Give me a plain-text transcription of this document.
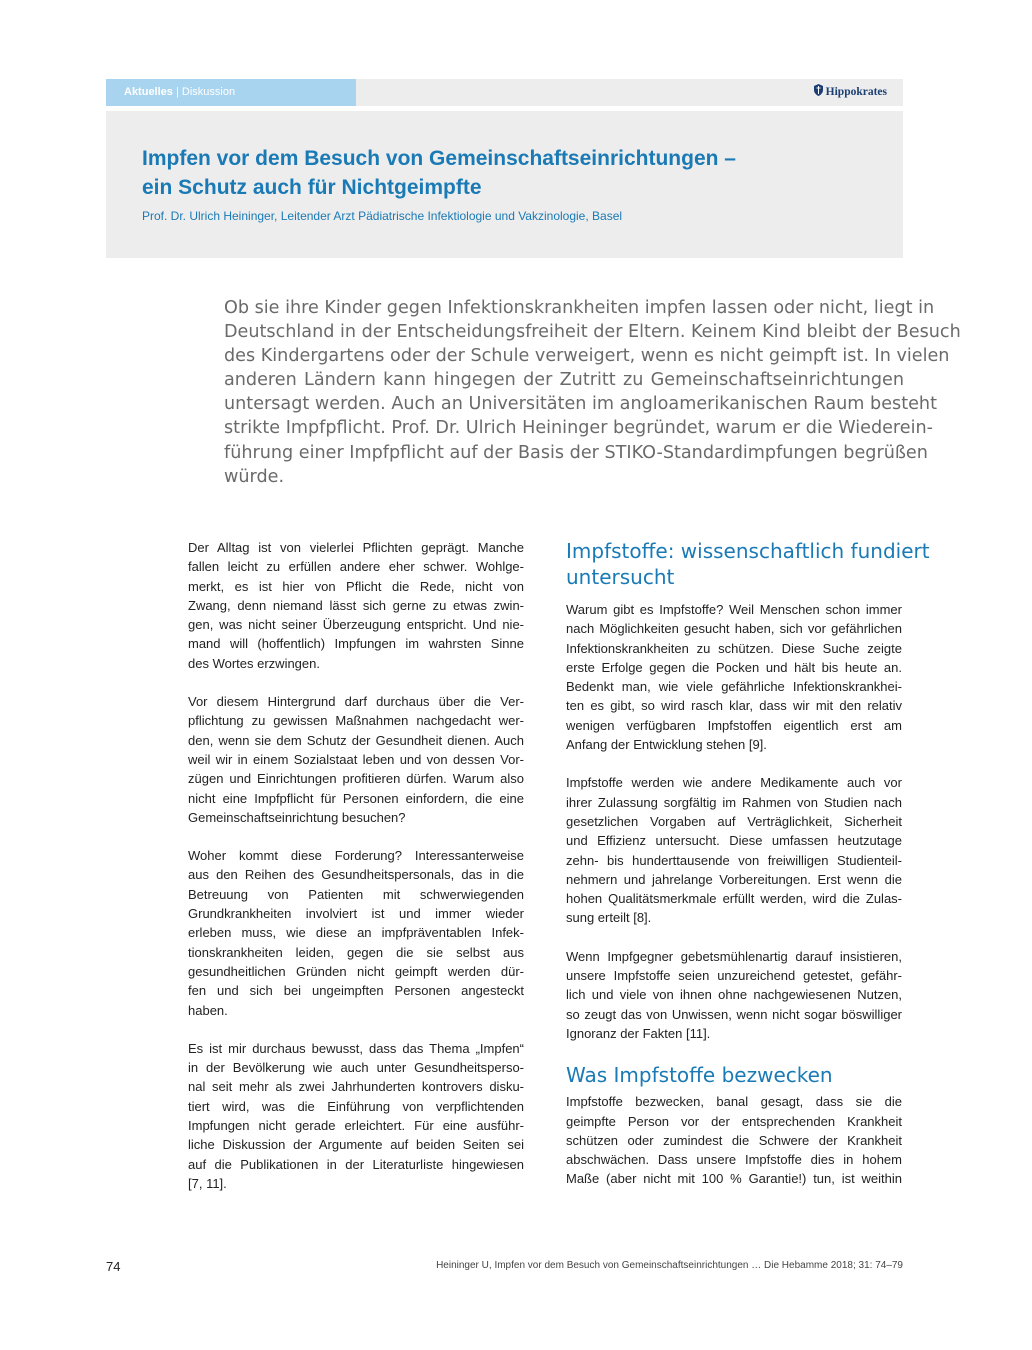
Aktuelles | Diskussion	Hippokrates
Impfen vor dem Besuch von Gemeinschaftseinrichtungen –
ein Schutz auch für Nichtgeimpfte
Prof. Dr. Ulrich Heininger, Leitender Arzt Pädiatrische Infektiologie und Vakzinologie, Basel
Ob sie ihre Kinder gegen Infektionskrankheiten impfen lassen oder nicht, liegt in
Deutschland in der Entscheidungsfreiheit der Eltern. Keinem Kind bleibt der Besuch
des Kindergartens oder der Schule verweigert, wenn es nicht geimpft ist. In vielen
anderen Ländern kann hingegen der Zutritt zu Gemeinschaftseinrichtungen
untersagt werden. Auch an Universitäten im angloamerikanischen Raum besteht
strikte Impfpflicht. Prof. Dr. Ulrich Heininger begründet, warum er die Wiederein-
führung einer Impfpflicht auf der Basis der STIKO-Standardimpfungen begrüßen
würde.

Der Alltag ist von vielerlei Pflichten geprägt. Manche
fallen leicht zu erfüllen andere eher schwer. Wohlge-
merkt, es ist hier von Pflicht die Rede, nicht von
Zwang, denn niemand lässt sich gerne zu etwas zwin-
gen, was nicht seiner Überzeugung entspricht. Und nie-
mand will (hoffentlich) Impfungen im wahrsten Sinne
des Wortes erzwingen.

Vor diesem Hintergrund darf durchaus über die Ver-
pflichtung zu gewissen Maßnahmen nachgedacht wer-
den, wenn sie dem Schutz der Gesundheit dienen. Auch
weil wir in einem Sozialstaat leben und von dessen Vor-
zügen und Einrichtungen profitieren dürfen. Warum also
nicht eine Impfpflicht für Personen einfordern, die eine
Gemeinschaftseinrichtung besuchen?

Woher kommt diese Forderung? Interessanterweise
aus den Reihen des Gesundheitspersonals, das in die
Betreuung von Patienten mit schwerwiegenden
Grundkrankheiten involviert ist und immer wieder
erleben muss, wie diese an impfpräventablen Infek-
tionskrankheiten leiden, gegen die sie selbst aus
gesundheitlichen Gründen nicht geimpft werden dür-
fen und sich bei ungeimpften Personen angesteckt
haben.

Es ist mir durchaus bewusst, dass das Thema „Impfen“
in der Bevölkerung wie auch unter Gesundheitsperso-
nal seit mehr als zwei Jahrhunderten kontrovers disku-
tiert wird, was die Einführung von verpflichtenden
Impfungen nicht gerade erleichtert. Für eine ausführ-
liche Diskussion der Argumente auf beiden Seiten sei
auf die Publikationen in der Literaturliste hingewiesen
[7, 11].

Impfstoffe: wissenschaftlich fundiert
untersucht

Warum gibt es Impfstoffe? Weil Menschen schon immer
nach Möglichkeiten gesucht haben, sich vor gefährlichen
Infektionskrankheiten zu schützen. Diese Suche zeigte
erste Erfolge gegen die Pocken und hält bis heute an.
Bedenkt man, wie viele gefährliche Infektionskrankhei-
ten es gibt, so wird rasch klar, dass wir mit den relativ
wenigen verfügbaren Impfstoffen eigentlich erst am
Anfang der Entwicklung stehen [9].

Impfstoffe werden wie andere Medikamente auch vor
ihrer Zulassung sorgfältig im Rahmen von Studien nach
gesetzlichen Vorgaben auf Verträglichkeit, Sicherheit
und Effizienz untersucht. Diese umfassen heutzutage
zehn- bis hunderttausende von freiwilligen Studienteil-
nehmern und jahrelange Vorbereitungen. Erst wenn die
hohen Qualitätsmerkmale erfüllt werden, wird die Zulas-
sung erteilt [8].

Wenn Impfgegner gebetsmühlenartig darauf insistieren,
unsere Impfstoffe seien unzureichend getestet, gefähr-
lich und viele von ihnen ohne nachgewiesenen Nutzen,
so zeugt das von Unwissen, wenn nicht sogar böswilliger
Ignoranz der Fakten [11].

Was Impfstoffe bezwecken

Impfstoffe bezwecken, banal gesagt, dass sie die
geimpfte Person vor der entsprechenden Krankheit
schützen oder zumindest die Schwere der Krankheit
abschwächen. Dass unsere Impfstoffe dies in hohem
Maße (aber nicht mit 100 % Garantie!) tun, ist weithin

74	Heininger U, Impfen vor dem Besuch von Gemeinschaftseinrichtungen … Die Hebamme 2018; 31: 74–79
